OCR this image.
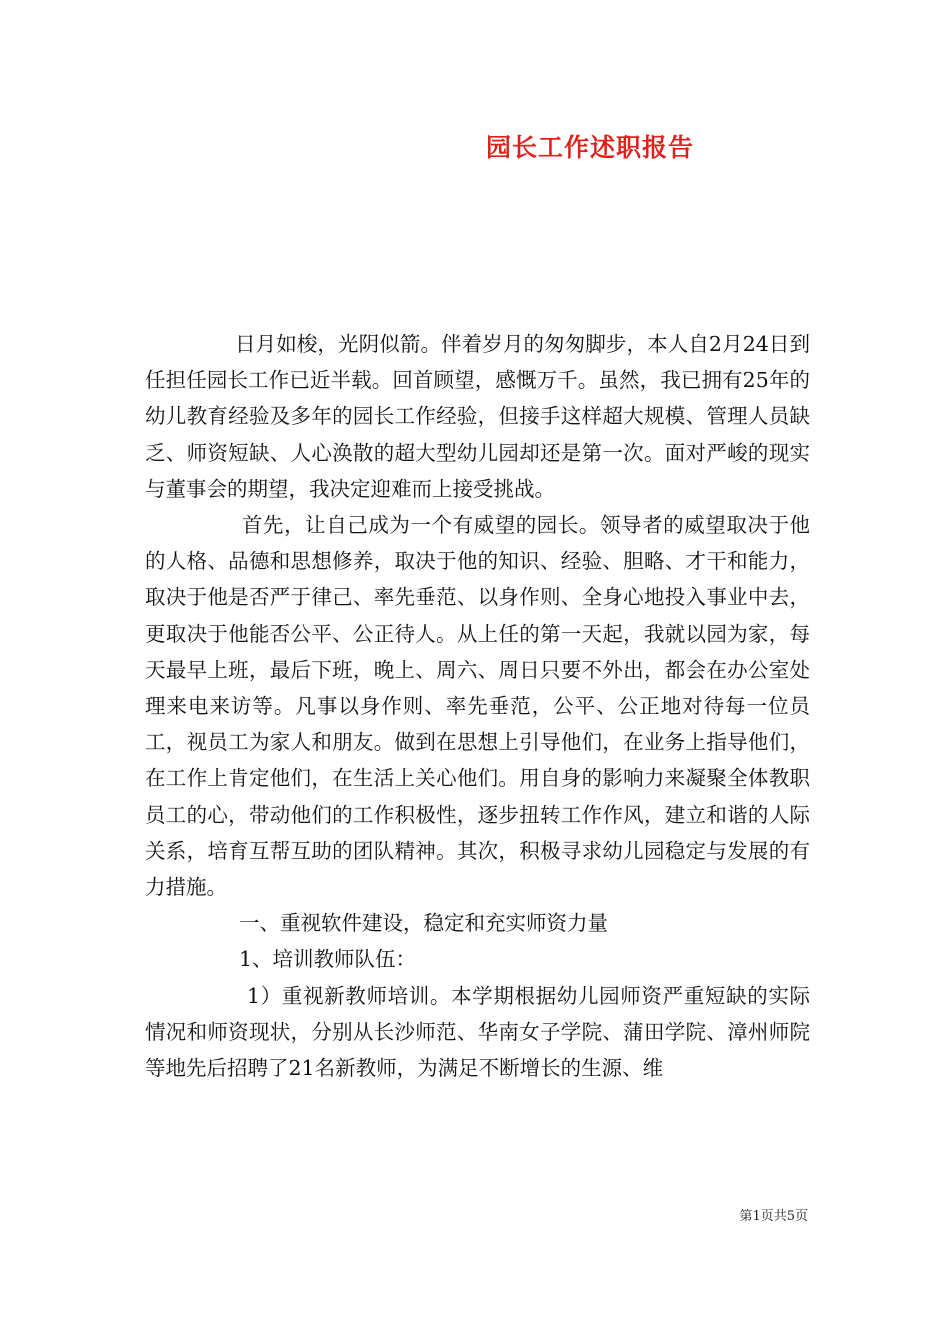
园长工作述职报告

日月如梭，光阴似箭。伴着岁月的匆匆脚步，本人自2月24日到任担任园长工作已近半载。回首顾望，感慨万千。虽然，我已拥有25年的幼儿教育经验及多年的园长工作经验，但接手这样超大规模、管理人员缺乏、师资短缺、人心涣散的超大型幼儿园却还是第一次。面对严峻的现实与董事会的期望，我决定迎难而上接受挑战。

首先，让自己成为一个有威望的园长。领导者的威望取决于他的人格、品德和思想修养，取决于他的知识、经验、胆略、才干和能力，取决于他是否严于律己、率先垂范、以身作则、全身心地投入事业中去，更取决于他能否公平、公正待人。从上任的第一天起，我就以园为家，每天最早上班，最后下班，晚上、周六、周日只要不外出，都会在办公室处理来电来访等。凡事以身作则、率先垂范，公平、公正地对待每一位员工，视员工为家人和朋友。做到在思想上引导他们，在业务上指导他们，在工作上肯定他们，在生活上关心他们。用自身的影响力来凝聚全体教职员工的心，带动他们的工作积极性，逐步扭转工作作风，建立和谐的人际关系，培育互帮互助的团队精神。其次，积极寻求幼儿园稳定与发展的有力措施。

一、重视软件建设，稳定和充实师资力量

1、培训教师队伍：

1）重视新教师培训。本学期根据幼儿园师资严重短缺的实际情况和师资现状，分别从长沙师范、华南女子学院、蒲田学院、漳州师院等地先后招聘了21名新教师，为满足不断增长的生源、维

第1页共5页
